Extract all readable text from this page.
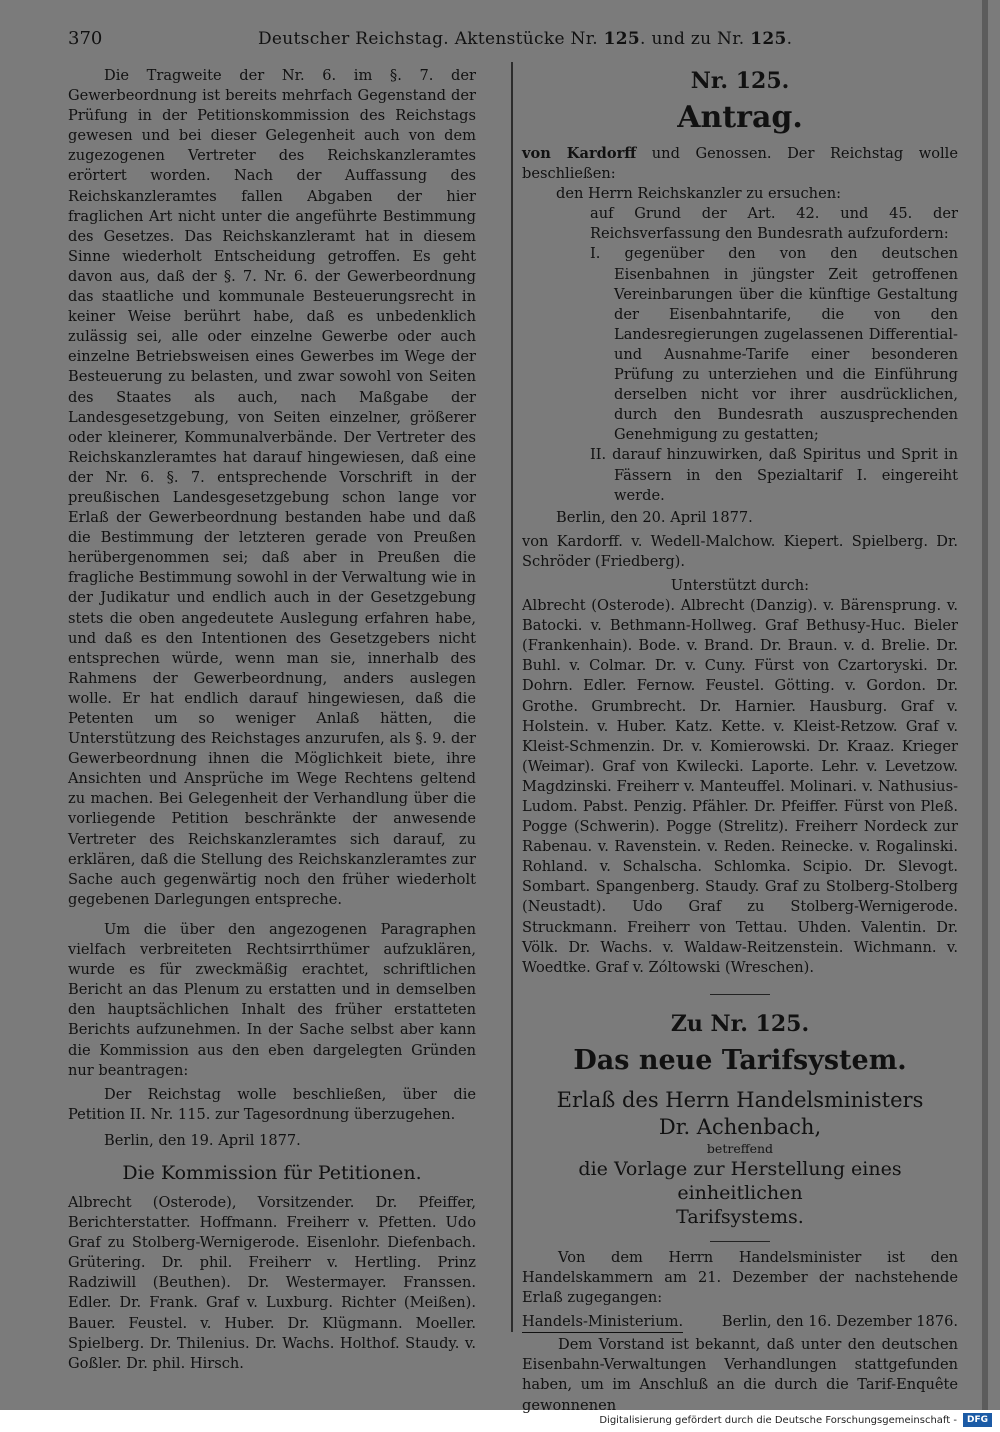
370	Deutscher Reichstag. Aktenstücke Nr. 125. und zu Nr. 125.

Die Tragweite der Nr. 6. im §. 7. der Gewerbeordnung ist bereits mehrfach Gegenstand der Prüfung in der Petitionskommission des Reichstags gewesen und bei dieser Gelegenheit auch von dem zugezogenen Vertreter des Reichskanzleramtes erörtert worden. Nach der Auffassung des Reichskanzleramtes fallen Abgaben der hier fraglichen Art nicht unter die angeführte Bestimmung des Gesetzes. Das Reichskanzleramt hat in diesem Sinne wiederholt Entscheidung getroffen. Es geht davon aus, daß der §. 7. Nr. 6. der Gewerbeordnung das staatliche und kommunale Besteuerungsrecht in keiner Weise berührt habe, daß es unbedenklich zulässig sei, alle oder einzelne Gewerbe oder auch einzelne Betriebsweisen eines Gewerbes im Wege der Besteuerung zu belasten, und zwar sowohl von Seiten des Staates als auch, nach Maßgabe der Landesgesetzgebung, von Seiten einzelner, größerer oder kleinerer, Kommunalverbände. Der Vertreter des Reichskanzleramtes hat darauf hingewiesen, daß eine der Nr. 6. §. 7. entsprechende Vorschrift in der preußischen Landesgesetzgebung schon lange vor Erlaß der Gewerbeordnung bestanden habe und daß die Bestimmung der letzteren gerade von Preußen herübergenommen sei; daß aber in Preußen die fragliche Bestimmung sowohl in der Verwaltung wie in der Judikatur und endlich auch in der Gesetzgebung stets die oben angedeutete Auslegung erfahren habe, und daß es den Intentionen des Gesetzgebers nicht entsprechen würde, wenn man sie, innerhalb des Rahmens der Gewerbeordnung, anders auslegen wolle. Er hat endlich darauf hingewiesen, daß die Petenten um so weniger Anlaß hätten, die Unterstützung des Reichstages anzurufen, als §. 9. der Gewerbeordnung ihnen die Möglichkeit biete, ihre Ansichten und Ansprüche im Wege Rechtens geltend zu machen. Bei Gelegenheit der Verhandlung über die vorliegende Petition beschränkte der anwesende Vertreter des Reichskanzleramtes sich darauf, zu erklären, daß die Stellung des Reichskanzleramtes zur Sache auch gegenwärtig noch den früher wiederholt gegebenen Darlegungen entspreche.

Um die über den angezogenen Paragraphen vielfach verbreiteten Rechtsirrthümer aufzuklären, wurde es für zweckmäßig erachtet, schriftlichen Bericht an das Plenum zu erstatten und in demselben den hauptsächlichen Inhalt des früher erstatteten Berichts aufzunehmen. In der Sache selbst aber kann die Kommission aus den eben dargelegten Gründen nur beantragen:

Der Reichstag wolle beschließen, über die Petition II. Nr. 115. zur Tagesordnung überzugehen.

Berlin, den 19. April 1877.

Die Kommission für Petitionen.

Albrecht (Osterode), Vorsitzender. Dr. Pfeiffer, Berichterstatter. Hoffmann. Freiherr v. Pfetten. Udo Graf zu Stolberg-Wernigerode. Eisenlohr. Diefenbach. Grütering. Dr. phil. Freiherr v. Hertling. Prinz Radziwill (Beuthen). Dr. Westermayer. Franssen. Edler. Dr. Frank. Graf v. Luxburg. Richter (Meißen). Bauer. Feustel. v. Huber. Dr. Klügmann. Moeller. Spielberg. Dr. Thilenius. Dr. Wachs. Holthof. Staudy. v. Goßler. Dr. phil. Hirsch.

Nr. 125.
Antrag.

von Kardorff und Genossen. Der Reichstag wolle beschließen:

den Herrn Reichskanzler zu ersuchen:

auf Grund der Art. 42. und 45. der Reichsverfassung den Bundesrath aufzufordern:

I. gegenüber den von den deutschen Eisenbahnen in jüngster Zeit getroffenen Vereinbarungen über die künftige Gestaltung der Eisenbahntarife, die von den Landesregierungen zugelassenen Differential- und Ausnahme-Tarife einer besonderen Prüfung zu unterziehen und die Einführung derselben nicht vor ihrer ausdrücklichen, durch den Bundesrath auszusprechenden Genehmigung zu gestatten;

II. darauf hinzuwirken, daß Spiritus und Sprit in Fässern in den Spezialtarif I. eingereiht werde.

Berlin, den 20. April 1877.

von Kardorff. v. Wedell-Malchow. Kiepert. Spielberg. Dr. Schröder (Friedberg).

Unterstützt durch:

Albrecht (Osterode). Albrecht (Danzig). v. Bärensprung. v. Batocki. v. Bethmann-Hollweg. Graf Bethusy-Huc. Bieler (Frankenhain). Bode. v. Brand. Dr. Braun. v. d. Brelie. Dr. Buhl. v. Colmar. Dr. v. Cuny. Fürst von Czartoryski. Dr. Dohrn. Edler. Fernow. Feustel. Götting. v. Gordon. Dr. Grothe. Grumbrecht. Dr. Harnier. Hausburg. Graf v. Holstein. v. Huber. Katz. Kette. v. Kleist-Retzow. Graf v. Kleist-Schmenzin. Dr. v. Komierowski. Dr. Kraaz. Krieger (Weimar). Graf von Kwilecki. Laporte. Lehr. v. Levetzow. Magdzinski. Freiherr v. Manteuffel. Molinari. v. Nathusius-Ludom. Pabst. Penzig. Pfähler. Dr. Pfeiffer. Fürst von Pleß. Pogge (Schwerin). Pogge (Strelitz). Freiherr Nordeck zur Rabenau. v. Ravenstein. v. Reden. Reinecke. v. Rogalinski. Rohland. v. Schalscha. Schlomka. Scipio. Dr. Slevogt. Sombart. Spangenberg. Staudy. Graf zu Stolberg-Stolberg (Neustadt). Udo Graf zu Stolberg-Wernigerode. Struckmann. Freiherr von Tettau. Uhden. Valentin. Dr. Völk. Dr. Wachs. v. Waldaw-Reitzenstein. Wichmann. v. Woedtke. Graf v. Zóltowski (Wreschen).

Zu Nr. 125.
Das neue Tarifsystem.
Erlaß des Herrn Handelsministers
Dr. Achenbach,
betreffend
die Vorlage zur Herstellung eines einheitlichen
Tarifsystems.

Von dem Herrn Handelsminister ist den Handelskammern am 21. Dezember der nachstehende Erlaß zugegangen:

Handels-Ministerium.	Berlin, den 16. Dezember 1876.

Dem Vorstand ist bekannt, daß unter den deutschen Eisenbahn-Verwaltungen Verhandlungen stattgefunden haben, um im Anschluß an die durch die Tarif-Enquête gewonnenen

Digitalisierung gefördert durch die Deutsche Forschungsgemeinschaft - DFG
